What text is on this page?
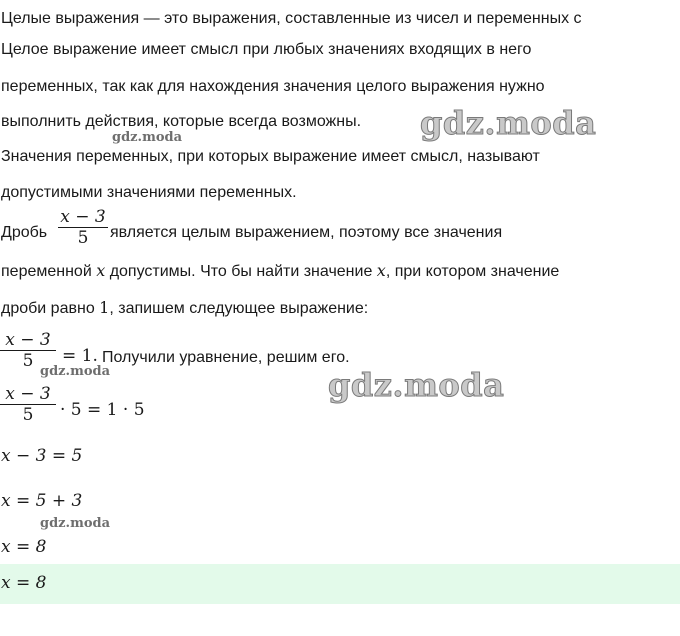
Целые выражения — это выражения, составленные из чисел и переменных с
Целое выражение имеет смысл при любых значениях входящих в него
переменных, так как для нахождения значения целого выражения нужно
выполнить действия, которые всегда возможны.
Значения переменных, при которых выражение имеет смысл, называют
допустимыми значениями переменных.
Дробь $\frac{x - 3}{5}$ является целым выражением, поэтому все значения
переменной x допустимы. Что бы найти значение x, при котором значение
дроби равно 1, запишем следующее выражение:
$\frac{x - 3}{5} = 1$. Получили уравнение, решим его.
$\frac{x - 3}{5} \cdot 5 = 1 \cdot 5$
x − 3 = 5
x = 5 + 3
x = 8
x = 8
gdz.moda
gdz.moda
gdz.moda
gdz.moda
gdz.moda
